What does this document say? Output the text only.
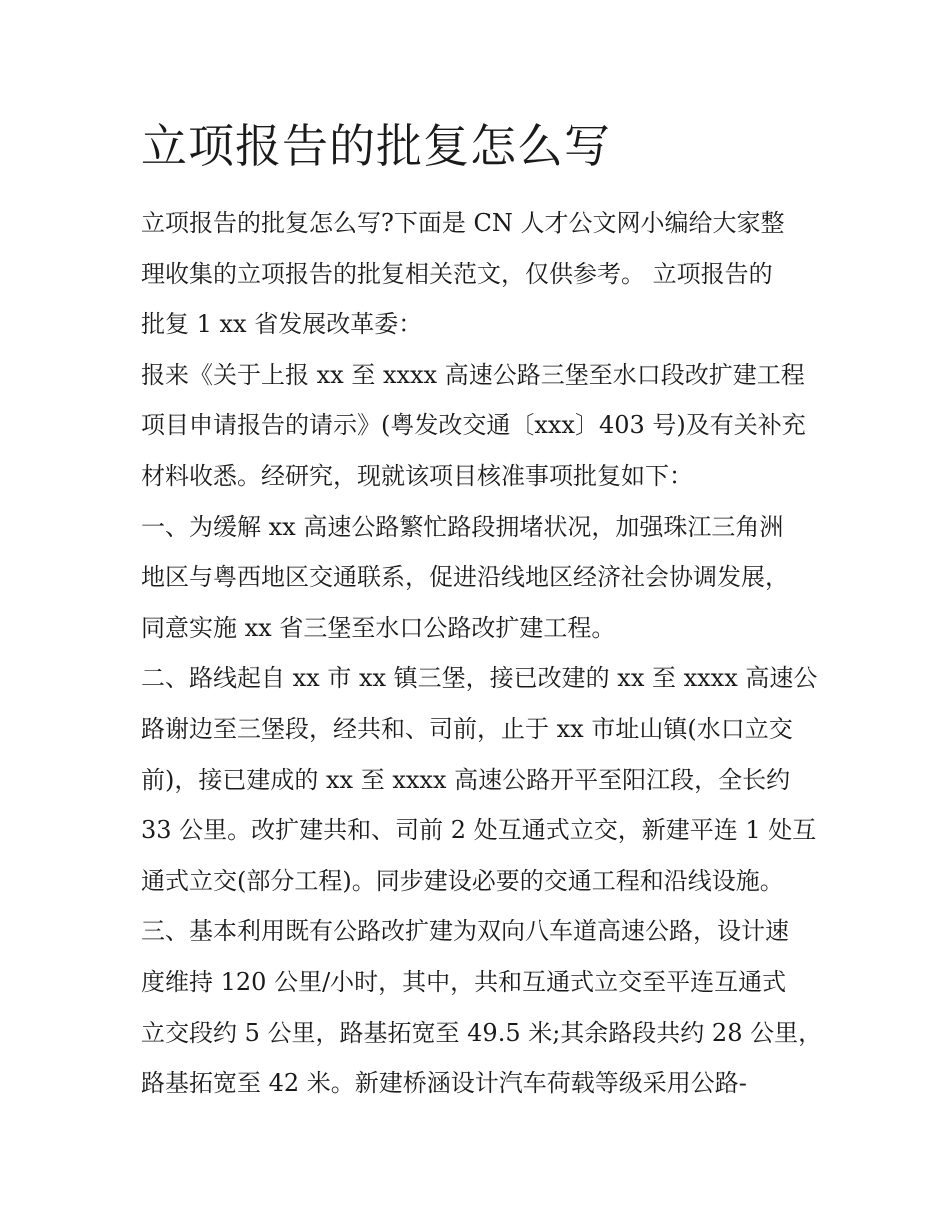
立项报告的批复怎么写

立项报告的批复怎么写?下面是 CN 人才公文网小编给大家整

理收集的立项报告的批复相关范文，仅供参考。 立项报告的

批复 1 xx 省发展改革委：

报来《关于上报 xx 至 xxxx 高速公路三堡至水口段改扩建工程

项目申请报告的请示》(粤发改交通〔xxx〕403 号)及有关补充

材料收悉。经研究，现就该项目核准事项批复如下：

一、为缓解 xx 高速公路繁忙路段拥堵状况，加强珠江三角洲

地区与粤西地区交通联系，促进沿线地区经济社会协调发展，

同意实施 xx 省三堡至水口公路改扩建工程。

二、路线起自 xx 市 xx 镇三堡，接已改建的 xx 至 xxxx 高速公

路谢边至三堡段，经共和、司前，止于 xx 市址山镇(水口立交

前)，接已建成的 xx 至 xxxx 高速公路开平至阳江段，全长约

33 公里。改扩建共和、司前 2 处互通式立交，新建平连 1 处互

通式立交(部分工程)。同步建设必要的交通工程和沿线设施。

三、基本利用既有公路改扩建为双向八车道高速公路，设计速

度维持 120 公里/小时，其中，共和互通式立交至平连互通式

立交段约 5 公里，路基拓宽至 49.5 米;其余路段共约 28 公里，

路基拓宽至 42 米。新建桥涵设计汽车荷载等级采用公路-
